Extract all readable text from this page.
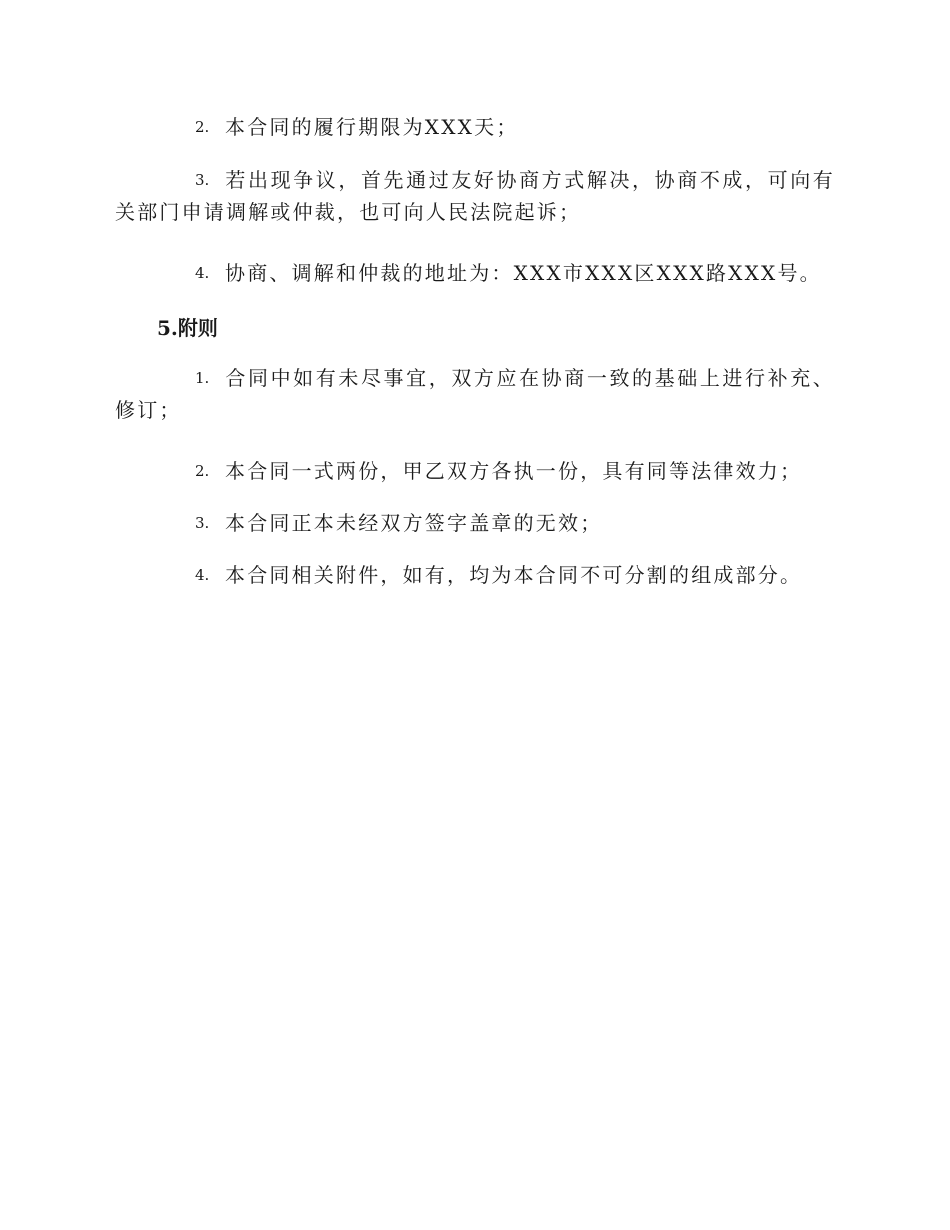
2. 本合同的履行期限为XXX天；
3. 若出现争议，首先通过友好协商方式解决，协商不成，可向有关部门申请调解或仲裁，也可向人民法院起诉；
4. 协商、调解和仲裁的地址为：XXX市XXX区XXX路XXX号。
5.附则
1. 合同中如有未尽事宜，双方应在协商一致的基础上进行补充、修订；
2. 本合同一式两份，甲乙双方各执一份，具有同等法律效力；
3. 本合同正本未经双方签字盖章的无效；
4. 本合同相关附件，如有，均为本合同不可分割的组成部分。
